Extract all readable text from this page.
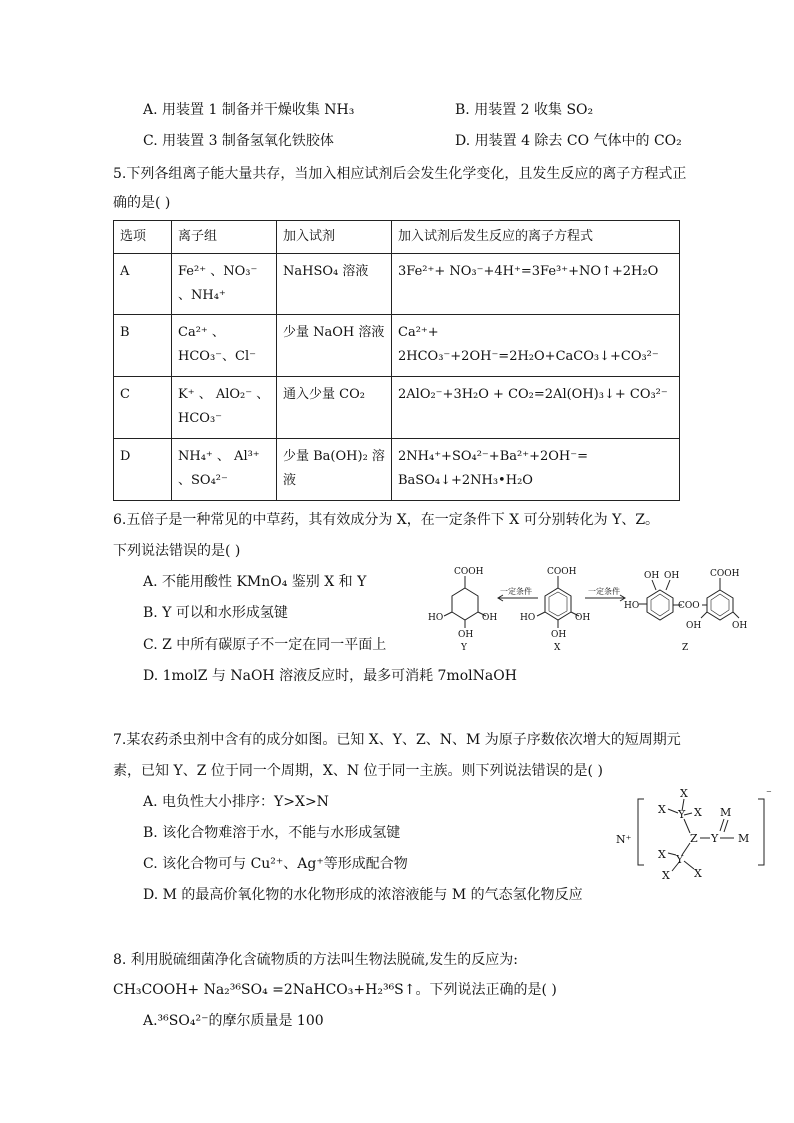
A. 用装置 1 制备并干燥收集 NH₃	B. 用装置 2 收集 SO₂
C. 用装置 3 制备氢氧化铁胶体	D. 用装置 4 除去 CO 气体中的 CO₂
5.下列各组离子能大量共存，当加入相应试剂后会发生化学变化，且发生反应的离子方程式正
确的是( )
选项	离子组	加入试剂	加入试剂后发生反应的离子方程式
A	Fe²⁺ 、NO₃⁻ 、NH₄⁺	NaHSO₄ 溶液	3Fe²⁺+ NO₃⁻+4H⁺=3Fe³⁺+NO↑+2H₂O
B	Ca²⁺ 、HCO₃⁻、Cl⁻	少量 NaOH 溶液	Ca²⁺+ 2HCO₃⁻+2OH⁻=2H₂O+CaCO₃↓+CO₃²⁻
C	K⁺ 、 AlO₂⁻ 、HCO₃⁻	通入少量 CO₂	2AlO₂⁻+3H₂O + CO₂=2Al(OH)₃↓+ CO₃²⁻
D	NH₄⁺ 、 Al³⁺ 、SO₄²⁻	少量 Ba(OH)₂ 溶液	2NH₄⁺+SO₄²⁻+Ba²⁺+2OH⁻= BaSO₄↓+2NH₃•H₂O
6.五倍子是一种常见的中草药，其有效成分为 X，在一定条件下 X 可分别转化为 Y、Z。
下列说法错误的是( )
A. 不能用酸性 KMnO₄ 鉴别 X 和 Y
B. Y 可以和水形成氢键
C. Z 中所有碳原子不一定在同一平面上
D. 1molZ 与 NaOH 溶液反应时，最多可消耗 7molNaOH
COOH
HO	OH
OH
Y
一定条件
COOH
HO	OH
OH
X
一定条件
OH OH
HO	COO
COOH
OH	OH
Z
7.某农药杀虫剂中含有的成分如图。已知 X、Y、Z、N、M 为原子序数依次增大的短周期元
素，已知 Y、Z 位于同一个周期，X、N 位于同一主族。则下列说法错误的是( )
A. 电负性大小排序：Y>X>N
B. 该化合物难溶于水，不能与水形成氢键
C. 该化合物可与 Cu²⁺、Ag⁺等形成配合物
D. M 的最高价氧化物的水化物形成的浓溶液能与 M 的气态氢化物反应
X
X Y X
Z Y
M
M
X Y
X X
N⁺
⁻
8. 利用脱硫细菌净化含硫物质的方法叫生物法脱硫,发生的反应为:
CH₃COOH+ Na₂³⁶SO₄ =2NaHCO₃+H₂³⁶S↑。下列说法正确的是( )
A.³⁶SO₄²⁻的摩尔质量是 100
